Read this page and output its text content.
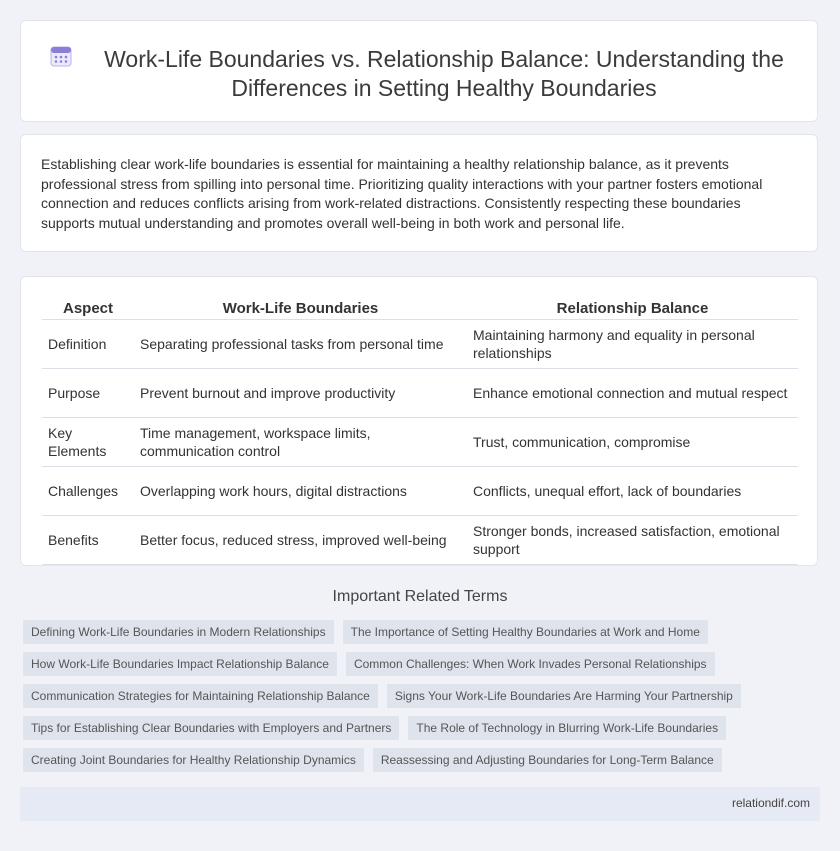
Work-Life Boundaries vs. Relationship Balance: Understanding the Differences in Setting Healthy Boundaries
Establishing clear work-life boundaries is essential for maintaining a healthy relationship balance, as it prevents professional stress from spilling into personal time. Prioritizing quality interactions with your partner fosters emotional connection and reduces conflicts arising from work-related distractions. Consistently respecting these boundaries supports mutual understanding and promotes overall well-being in both work and personal life.
Aspect	Work-Life Boundaries	Relationship Balance
Definition	Separating professional tasks from personal time	Maintaining harmony and equality in personal relationships
Purpose	Prevent burnout and improve productivity	Enhance emotional connection and mutual respect
Key Elements	Time management, workspace limits, communication control	Trust, communication, compromise
Challenges	Overlapping work hours, digital distractions	Conflicts, unequal effort, lack of boundaries
Benefits	Better focus, reduced stress, improved well-being	Stronger bonds, increased satisfaction, emotional support
Important Related Terms
Defining Work-Life Boundaries in Modern Relationships	The Importance of Setting Healthy Boundaries at Work and Home
How Work-Life Boundaries Impact Relationship Balance	Common Challenges: When Work Invades Personal Relationships
Communication Strategies for Maintaining Relationship Balance	Signs Your Work-Life Boundaries Are Harming Your Partnership
Tips for Establishing Clear Boundaries with Employers and Partners	The Role of Technology in Blurring Work-Life Boundaries
Creating Joint Boundaries for Healthy Relationship Dynamics	Reassessing and Adjusting Boundaries for Long-Term Balance
relationdif.com
